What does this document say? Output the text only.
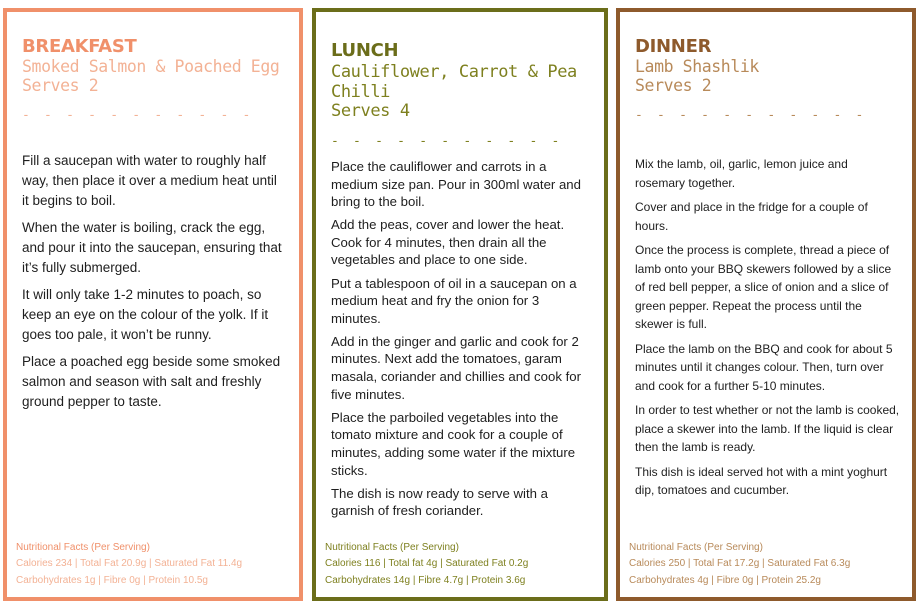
BREAKFAST
Smoked Salmon & Poached Egg
Serves 2
- - - - - - - - - - -

Fill a saucepan with water to roughly half way, then place it over a medium heat until it begins to boil.

When the water is boiling, crack the egg, and pour it into the saucepan, ensuring that it’s fully submerged.

It will only take 1-2 minutes to poach, so keep an eye on the colour of the yolk. If it goes too pale, it won’t be runny.

Place a poached egg beside some smoked salmon and season with salt and freshly ground pepper to taste.

Nutritional Facts (Per Serving)
Calories 234 | Total Fat 20.9g | Saturated Fat 11.4g
Carbohydrates 1g | Fibre 0g | Protein 10.5g
LUNCH
Cauliflower, Carrot & Pea Chilli
Serves 4
- - - - - - - - - - -

Place the cauliflower and carrots in a medium size pan. Pour in 300ml water and bring to the boil.

Add the peas, cover and lower the heat. Cook for 4 minutes, then drain all the vegetables and place to one side.

Put a tablespoon of oil in a saucepan on a medium heat and fry the onion for 3 minutes.

Add in the ginger and garlic and cook for 2 minutes. Next add the tomatoes, garam masala, coriander and chillies and cook for five minutes.

Place the parboiled vegetables into the tomato mixture and cook for a couple of minutes, adding some water if the mixture sticks.

The dish is now ready to serve with a garnish of fresh coriander.

Nutritional Facts (Per Serving)
Calories 116 | Total fat 4g | Saturated Fat 0.2g
Carbohydrates 14g | Fibre 4.7g | Protein 3.6g
DINNER
Lamb Shashlik
Serves 2
- - - - - - - - - - -

Mix the lamb, oil, garlic, lemon juice and rosemary together.

Cover and place in the fridge for a couple of hours.

Once the process is complete, thread a piece of lamb onto your BBQ skewers followed by a slice of red bell pepper, a slice of onion and a slice of green pepper. Repeat the process until the skewer is full.

Place the lamb on the BBQ and cook for about 5 minutes until it changes colour. Then, turn over and cook for a further 5-10 minutes.

In order to test whether or not the lamb is cooked, place a skewer into the lamb. If the liquid is clear then the lamb is ready.

This dish is ideal served hot with a mint yoghurt dip, tomatoes and cucumber.

Nutritional Facts (Per Serving)
Calories 250 | Total Fat 17.2g | Saturated Fat 6.3g
Carbohydrates 4g | Fibre 0g | Protein 25.2g
